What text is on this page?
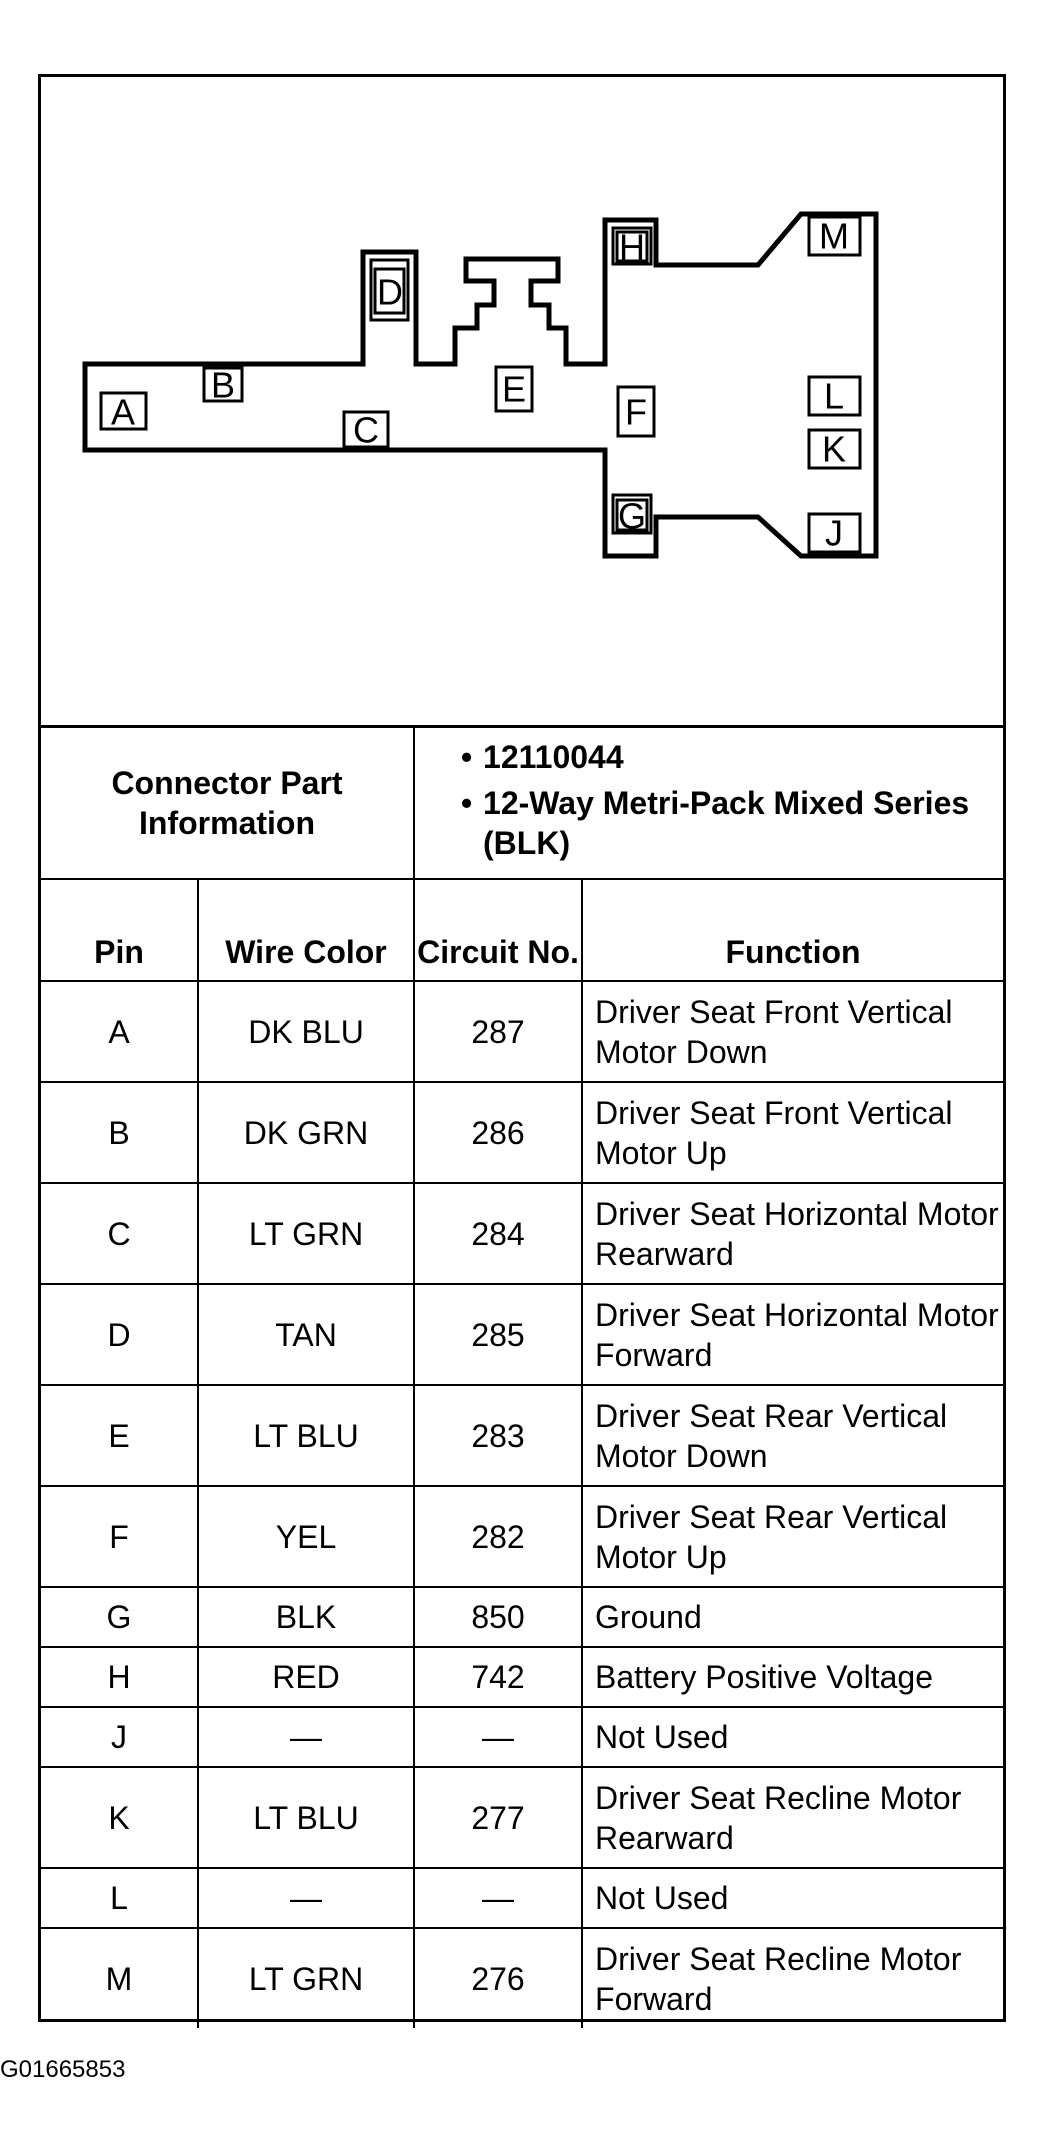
A
B
C
D
E
F
G
H
J
K
L
M
Connector Part Information		• 12110044
• 12-Way Metri-Pack Mixed Series (BLK)

Pin	Wire Color	Circuit No.	Function
A	DK BLU	287	Driver Seat Front Vertical Motor Down
B	DK GRN	286	Driver Seat Front Vertical Motor Up
C	LT GRN	284	Driver Seat Horizontal Motor Rearward
D	TAN	285	Driver Seat Horizontal Motor Forward
E	LT BLU	283	Driver Seat Rear Vertical Motor Down
F	YEL	282	Driver Seat Rear Vertical Motor Up
G	BLK	850	Ground
H	RED	742	Battery Positive Voltage
J	—	—	Not Used
K	LT BLU	277	Driver Seat Recline Motor Rearward
L	—	—	Not Used
M	LT GRN	276	Driver Seat Recline Motor Forward
G01665853
